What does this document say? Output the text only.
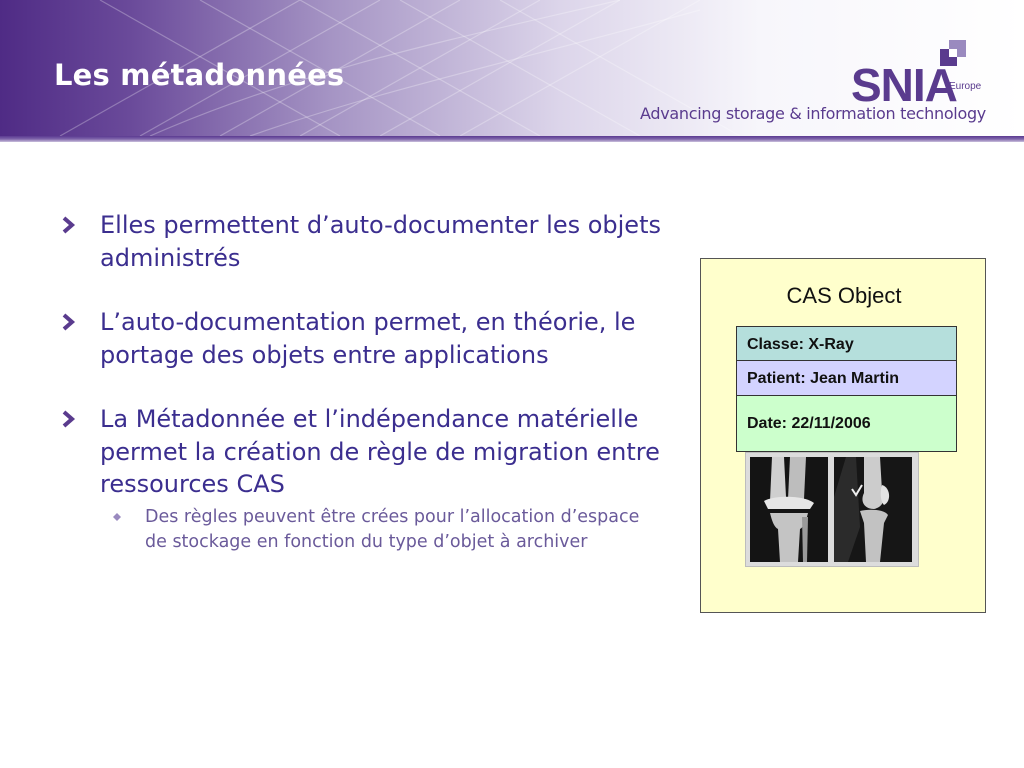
Les métadonnées	SNIA
Europe
Advancing storage & information technology
Elles permettent d’auto-documenter les objets administrés
L’auto-documentation permet, en théorie, le portage des objets entre applications
La Métadonnée et l’indépendance matérielle permet la création de règle de migration entre ressources CAS
Des règles peuvent être crées pour l’allocation d’espace de stockage en fonction du type d’objet à archiver
CAS Object
Classe: X-Ray
Patient: Jean Martin
Date: 22/11/2006
